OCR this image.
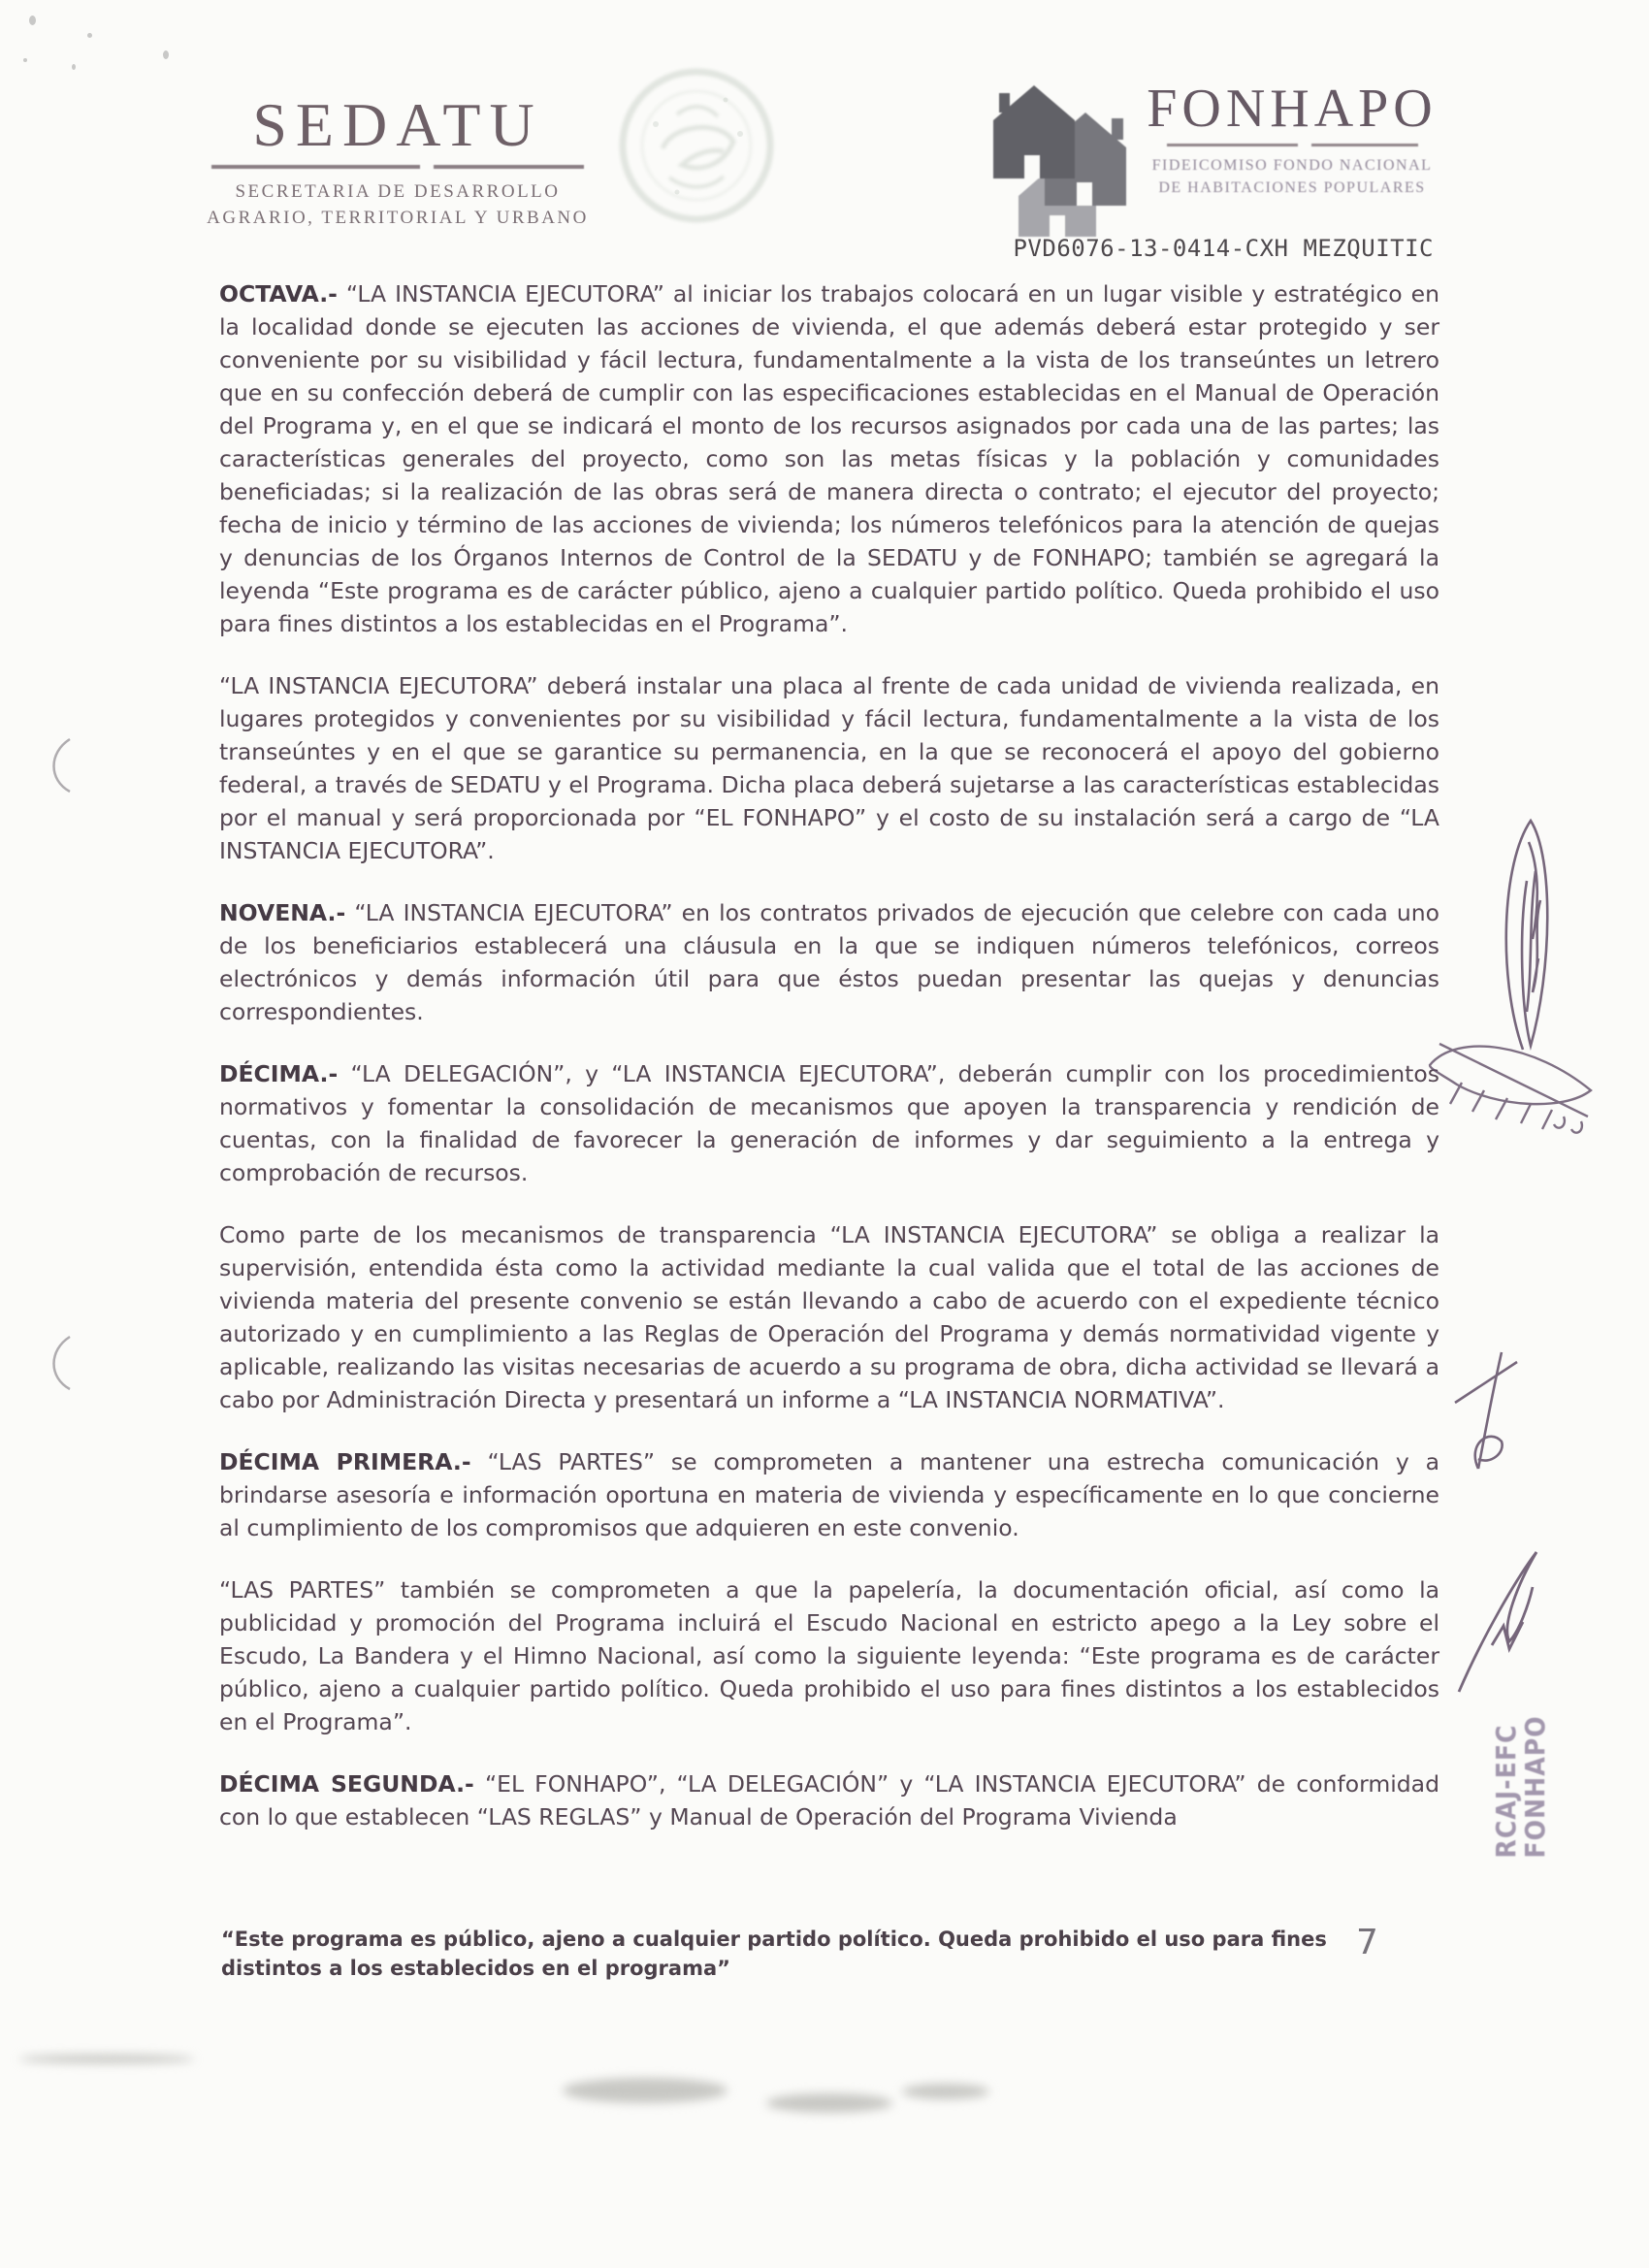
SEDATU
SECRETARIA DE DESARROLLO
AGRARIO, TERRITORIAL Y URBANO
FONHAPO
FIDEICOMISO FONDO NACIONAL
DE HABITACIONES POPULARES
PVD6076-13-0414-CXH MEZQUITIC

OCTAVA.- “LA INSTANCIA EJECUTORA” al iniciar los trabajos colocará en un lugar visible y estratégico en la localidad donde se ejecuten las acciones de vivienda, el que además deberá estar protegido y ser conveniente por su visibilidad y fácil lectura, fundamentalmente a la vista de los transeúntes un letrero que en su confección deberá de cumplir con las especificaciones establecidas en el Manual de Operación del Programa y, en el que se indicará el monto de los recursos asignados por cada una de las partes; las características generales del proyecto, como son las metas físicas y la población y comunidades beneficiadas; si la realización de las obras será de manera directa o contrato; el ejecutor del proyecto; fecha de inicio y término de las acciones de vivienda; los números telefónicos para la atención de quejas y denuncias de los Órganos Internos de Control de la SEDATU y de FONHAPO; también se agregará la leyenda “Este programa es de carácter público, ajeno a cualquier partido político. Queda prohibido el uso para fines distintos a los establecidas en el Programa”.

“LA INSTANCIA EJECUTORA” deberá instalar una placa al frente de cada unidad de vivienda realizada, en lugares protegidos y convenientes por su visibilidad y fácil lectura, fundamentalmente a la vista de los transeúntes y en el que se garantice su permanencia, en la que se reconocerá el apoyo del gobierno federal, a través de SEDATU y el Programa. Dicha placa deberá sujetarse a las características establecidas por el manual y será proporcionada por “EL FONHAPO” y el costo de su instalación será a cargo de “LA INSTANCIA EJECUTORA”.

NOVENA.- “LA INSTANCIA EJECUTORA” en los contratos privados de ejecución que celebre con cada uno de los beneficiarios establecerá una cláusula en la que se indiquen números telefónicos, correos electrónicos y demás información útil para que éstos puedan presentar las quejas y denuncias correspondientes.

DÉCIMA.- “LA DELEGACIÓN”, y “LA INSTANCIA EJECUTORA”, deberán cumplir con los procedimientos normativos y fomentar la consolidación de mecanismos que apoyen la transparencia y rendición de cuentas, con la finalidad de favorecer la generación de informes y dar seguimiento a la entrega y comprobación de recursos.

Como parte de los mecanismos de transparencia “LA INSTANCIA EJECUTORA” se obliga a realizar la supervisión, entendida ésta como la actividad mediante la cual valida que el total de las acciones de vivienda materia del presente convenio se están llevando a cabo de acuerdo con el expediente técnico autorizado y en cumplimiento a las Reglas de Operación del Programa y demás normatividad vigente y aplicable, realizando las visitas necesarias de acuerdo a su programa de obra, dicha actividad se llevará a cabo por Administración Directa y presentará un informe a “LA INSTANCIA NORMATIVA”.

DÉCIMA PRIMERA.- “LAS PARTES” se comprometen a mantener una estrecha comunicación y a brindarse asesoría e información oportuna en materia de vivienda y específicamente en lo que concierne al cumplimiento de los compromisos que adquieren en este convenio.

“LAS PARTES” también se comprometen a que la papelería, la documentación oficial, así como la publicidad y promoción del Programa incluirá el Escudo Nacional en estricto apego a la Ley sobre el Escudo, La Bandera y el Himno Nacional, así como la siguiente leyenda: “Este programa es de carácter público, ajeno a cualquier partido político. Queda prohibido el uso para fines distintos a los establecidos en el Programa”.

DÉCIMA SEGUNDA.- “EL FONHAPO”, “LA DELEGACIÓN” y “LA INSTANCIA EJECUTORA” de conformidad con lo que establecen “LAS REGLAS” y Manual de Operación del Programa Vivienda

“Este programa es público, ajeno a cualquier partido político. Queda prohibido el uso para fines distintos a los establecidos en el programa”
7
RCAJ-EFC
FONHAPO
